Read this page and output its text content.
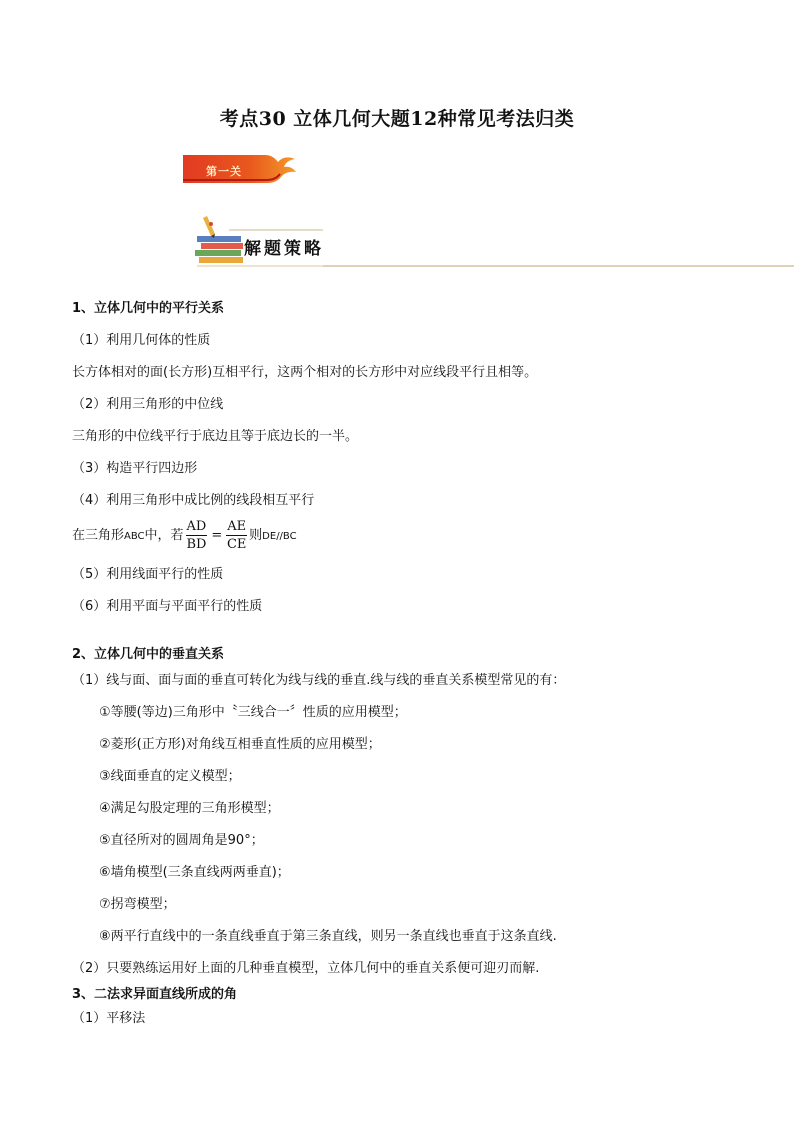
考点30 立体几何大题12种常见考法归类
第一关
解题策略
1、立体几何中的平行关系
（1）利用几何体的性质
长方体相对的面(长方形)互相平行，这两个相对的长方形中对应线段平行且相等。
（2）利用三角形的中位线
三角形的中位线平行于底边且等于底边长的一半。
（3）构造平行四边形
（4）利用三角形中成比例的线段相互平行
在三角形ABC中，若 $\frac{AD}{BD} = \frac{AE}{CE}$ 则DE//BC
（5）利用线面平行的性质
（6）利用平面与平面平行的性质
2、立体几何中的垂直关系
（1）线与面、面与面的垂直可转化为线与线的垂直.线与线的垂直关系模型常见的有：
①等腰(等边)三角形中〝三线合一〞性质的应用模型；
②菱形(正方形)对角线互相垂直性质的应用模型；
③线面垂直的定义模型；
④满足勾股定理的三角形模型；
⑤直径所对的圆周角是90°；
⑥墙角模型(三条直线两两垂直)；
⑦拐弯模型；
⑧两平行直线中的一条直线垂直于第三条直线，则另一条直线也垂直于这条直线.
（2）只要熟练运用好上面的几种垂直模型，立体几何中的垂直关系便可迎刃而解.
3、二法求异面直线所成的角
（1）平移法
